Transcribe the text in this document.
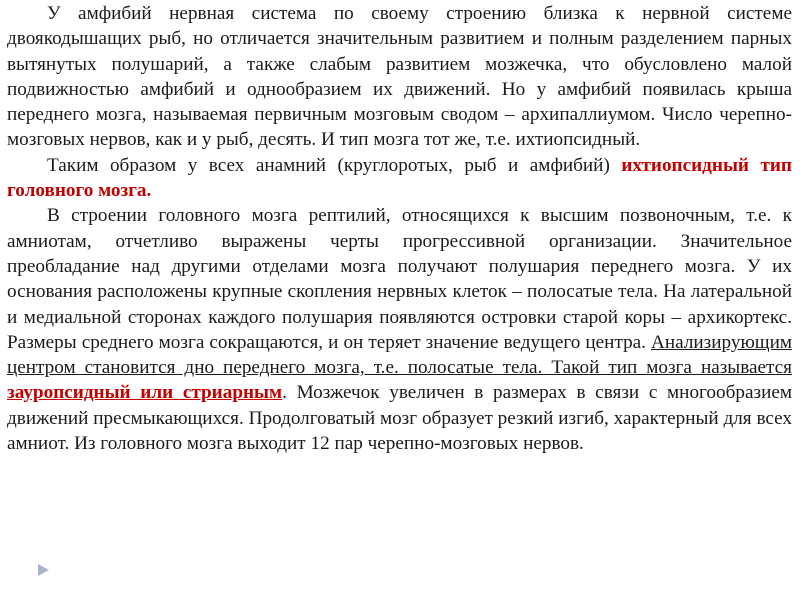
У амфибий нервная система по своему строению близка к нервной системе двоякодышащих рыб, но отличается значительным развитием и полным разделением парных вытянутых полушарий, а также слабым развитием мозжечка, что обусловлено малой подвижностью амфибий и однообразием их движений. Но у амфибий появилась крыша переднего мозга, называемая первичным мозговым сводом – архипаллиумом. Число черепно-мозговых нервов, как и у рыб, десять. И тип мозга тот же, т.е. ихтиопсидный.

Таким образом у всех анамний (круглоротых, рыб и амфибий) ихтиопсидный тип головного мозга.

В строении головного мозга рептилий, относящихся к высшим позвоночным, т.е. к амниотам, отчетливо выражены черты прогрессивной организации. Значительное преобладание над другими отделами мозга получают полушария переднего мозга. У их основания расположены крупные скопления нервных клеток – полосатые тела. На латеральной и медиальной сторонах каждого полушария появляются островки старой коры – архикортекс. Размеры среднего мозга сокращаются, и он теряет значение ведущего центра. Анализирующим центром становится дно переднего мозга, т.е. полосатые тела. Такой тип мозга называется зауропсидный или стриарным. Мозжечок увеличен в размерах в связи с многообразием движений пресмыкающихся. Продолговатый мозг образует резкий изгиб, характерный для всех амниот. Из головного мозга выходит 12 пар черепно-мозговых нервов.
